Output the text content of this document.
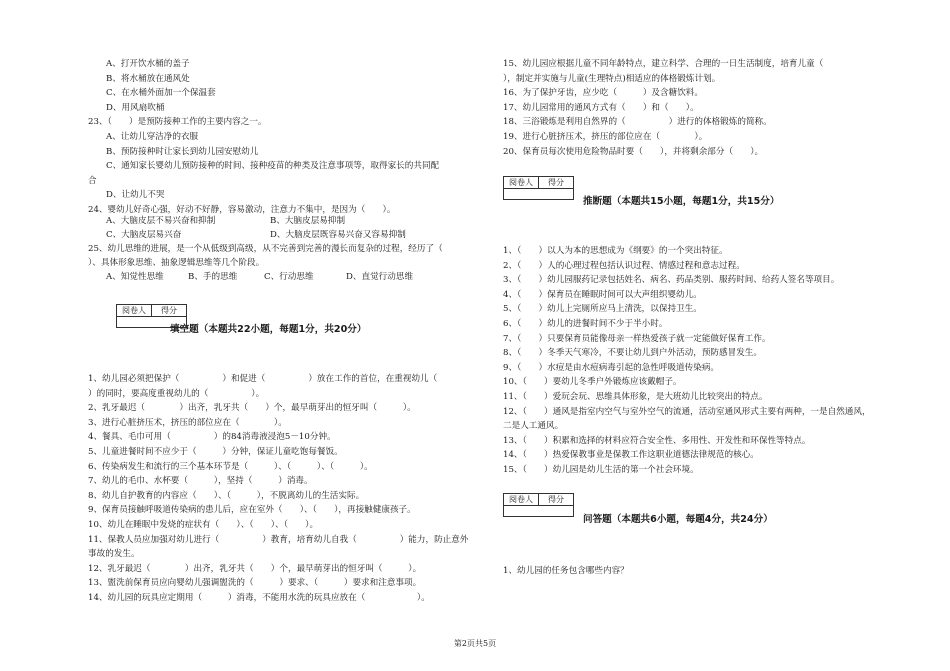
A、打开饮水桶的盖子
B、将水桶放在通风处
C、在水桶外面加一个保温套
D、用风扇吹桶
23、（　　）是预防接种工作的主要内容之一。
A、让幼儿穿洁净的衣服
B、预防接种时让家长到幼儿园安慰幼儿
C、通知家长婴幼儿预防接种的时间、接种疫苗的种类及注意事项等，取得家长的共同配
合
D、让幼儿不哭
24、婴幼儿好奇心强，好动不好静，容易激动，注意力不集中，是因为（　　）。
A、大脑皮层不易兴奋和抑制	B、大脑皮层易抑制
C、大脑皮层易兴奋	D、大脑皮层既容易兴奋又容易抑制
25、幼儿思维的进展，是一个从低级到高级，从不完善到完善的漫长而复杂的过程，经历了（
）、具体形象思维、抽象逻辑思维等几个阶段。
A、知觉性思维	B、手的思维	C、行动思维	D、直觉行动思维
阅卷人	得分
填空题（本题共22小题，每题1分，共20分）
1、幼儿园必须把保护（　　　　　）和促进（　　　　　）放在工作的首位，在重视幼儿（
）的同时，要高度重视幼儿的（　　　　　）。
2、乳牙最迟（　　　　）出齐，乳牙共（　　）个，最早萌芽出的恒牙叫（　　　）。
3、进行心脏挤压术，挤压的部位应在（　　　　）。
4、餐具、毛巾可用（　　　　　）的84消毒液浸泡5－10分钟。
5、儿童进餐时间不应少于（　　　）分钟，保证儿童吃饱每餐饭。
6、传染病发生和流行的三个基本环节是（　　　）、（　　　）、（　　　）。
7、幼儿的毛巾、水杯要（　　　），坚持（　　　）消毒。
8、幼儿自护教育的内容应（　　）、（　　　），不脱离幼儿的生活实际。
9、保育员接触呼吸道传染病的患儿后，应在室外（　　）、（　　），再接触健康孩子。
10、幼儿在睡眠中发烧的症状有（　　）、（　　）、（　　）。
11、保教人员应加强对幼儿进行（　　　　　）教育，培育幼儿自我（　　　　　）能力，防止意外
事故的发生。
12、乳牙最迟（　　　　）出齐，乳牙共（　　）个，最早萌芽出的恒牙叫（　　　）。
13、盥洗前保育员应向婴幼儿强调盥洗的（　　　）要求、（　　　）要求和注意事项。
14、幼儿园的玩具应定期用（　　　）消毒，不能用水洗的玩具应放在（　　　　　　）。
15、幼儿园应根据儿童不同年龄特点，建立科学、合理的一日生活制度，培育儿童（
），制定并实施与儿童(生理特点)相适应的体格锻炼计划。
16、为了保护牙齿，应少吃（　　　）及含糖饮料。
17、幼儿园常用的通风方式有（　　）和（　　）。
18、三浴锻炼是利用自然界的（　　　　　）进行的体格锻炼的简称。
19、进行心脏挤压术，挤压的部位应在（　　　　）。
20、保育员每次使用危险物品时要（　　），并将剩余部分（　　）。
阅卷人	得分
推断题（本题共15小题，每题1分，共15分）
1、（　　）以人为本的思想成为《纲要》的一个突出特征。
2、（　　）人的心理过程包括认识过程、情感过程和意志过程。
3、（　　）幼儿园服药记录包括姓名、病名、药品类别、服药时间、给药人签名等项目。
4、（　　）保育员在睡眠时间可以大声组织婴幼儿。
5、（　　）幼儿上完厕所应马上清洗，以保持卫生。
6、（　　）幼儿的进餐时间不少于半小时。
7、（　　）只要保育员能像母亲一样热爱孩子就一定能做好保育工作。
8、（　　）冬季天气寒冷，不要让幼儿到户外活动，预防感冒发生。
9、（　　）水痘是由水痘病毒引起的急性呼吸道传染病。
10、（　　）要幼儿冬季户外锻炼应该戴帽子。
11、（　　）爱玩会玩、思维具体形象，是大班幼儿比较突出的特点。
12、（　　）通风是指室内空气与室外空气的流通，活动室通风形式主要有两种，一是自然通风，
二是人工通风。
13、（　　）积累和选择的材料应符合安全性、多用性、开发性和环保性等特点。
14、（　　）热爱保教事业是保教工作这职业道德法律规范的核心。
15、（　　）幼儿园是幼儿生活的第一个社会环境。
阅卷人	得分
问答题（本题共6小题，每题4分，共24分）
1、幼儿园的任务包含哪些内容？
第2页共5页
